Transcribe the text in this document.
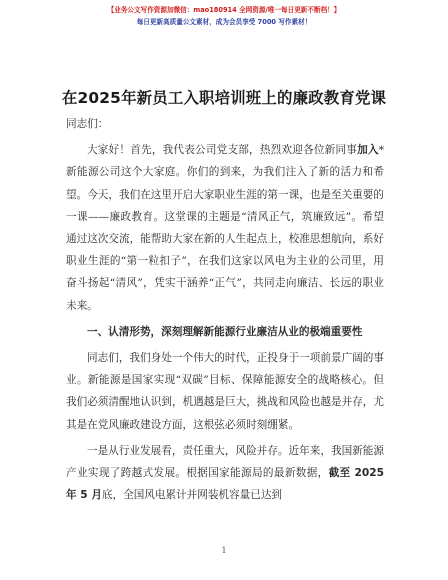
【业务公文写作资源加微信：mao180914 全网资源/唯一每日更新不断档！】
每日更新高质量公文素材，成为会员享受 7000 写作素材！
在2025年新员工入职培训班上的廉政教育党课

同志们：

大家好！首先，我代表公司党支部，热烈欢迎各位新同事加入*新能源公司这个大家庭。你们的到来，为我们注入了新的活力和希望。今天，我们在这里开启大家职业生涯的第一课，也是至关重要的一课——廉政教育。这堂课的主题是“清风正气，筑廉致远”。希望通过这次交流，能帮助大家在新的人生起点上，校准思想航向，系好职业生涯的“第一粒扣子”，在我们这家以风电为主业的公司里，用奋斗扬起“清风”，凭实干涵养“正气”，共同走向廉洁、长远的职业未来。

一、认清形势，深刻理解新能源行业廉洁从业的极端重要性

同志们，我们身处一个伟大的时代，正投身于一项前景广阔的事业。新能源是国家实现“双碳”目标、保障能源安全的战略核心。但我们必须清醒地认识到，机遇越是巨大，挑战和风险也越是并存，尤其是在党风廉政建设方面，这根弦必须时刻绷紧。

一是从行业发展看，责任重大，风险并存。近年来，我国新能源产业实现了跨越式发展。根据国家能源局的最新数据，截至 2025 年 5 月底，全国风电累计并网装机容量已达到

1
